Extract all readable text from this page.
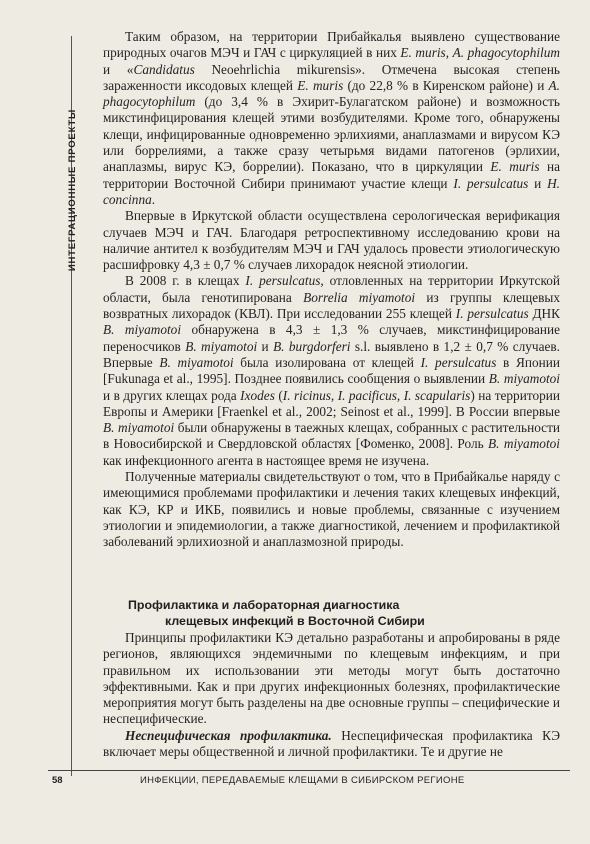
ИНТЕГРАЦИОННЫЕ ПРОЕКТЫ

Таким образом, на территории Прибайкалья выявлено существование природных очагов МЭЧ и ГАЧ с циркуляцией в них E. muris, A. phagocytophilum и «Candidatus Neoehrlichia mikurensis». Отмечена высокая степень зараженности иксодовых клещей E. muris (до 22,8 % в Киренском районе) и A. phagocytophilum (до 3,4 % в Эхирит-Булагатском районе) и возможность микстинфицирования клещей этими возбудителями. Кроме того, обнаружены клещи, инфицированные одновременно эрлихиями, анаплазмами и вирусом КЭ или боррелиями, а также сразу четырьмя видами патогенов (эрлихии, анаплазмы, вирус КЭ, боррелии). Показано, что в циркуляции E. muris на территории Восточной Сибири принимают участие клещи I. persulcatus и H. concinna.

Впервые в Иркутской области осуществлена серологическая верификация случаев МЭЧ и ГАЧ. Благодаря ретроспективному исследованию крови на наличие антител к возбудителям МЭЧ и ГАЧ удалось провести этиологическую расшифровку 4,3 ± 0,7 % случаев лихорадок неясной этиологии.

В 2008 г. в клещах I. persulcatus, отловленных на территории Иркутской области, была генотипирована Borrelia miyamotoi из группы клещевых возвратных лихорадок (КВЛ). При исследовании 255 клещей I. persulcatus ДНК B. miyamotoi обнаружена в 4,3 ± 1,3 % случаев, микстинфицирование переносчиков B. miyamotoi и B. burgdorferi s.l. выявлено в 1,2 ± 0,7 % случаев. Впервые B. miyamotoi была изолирована от клещей I. persulcatus в Японии [Fukunaga et al., 1995]. Позднее появились сообщения о выявлении B. miyamotoi и в других клещах рода Ixodes (I. ricinus, I. pacificus, I. scapularis) на территории Европы и Америки [Fraenkel et al., 2002; Seinost et al., 1999]. В России впервые B. miyamotoi были обнаружены в таежных клещах, собранных с растительности в Новосибирской и Свердловской областях [Фоменко, 2008]. Роль B. miyamotoi как инфекционного агента в настоящее время не изучена.

Полученные материалы свидетельствуют о том, что в Прибайкалье наряду с имеющимися проблемами профилактики и лечения таких клещевых инфекций, как КЭ, КР и ИКБ, появились и новые проблемы, связанные с изучением этиологии и эпидемиологии, а также диагностикой, лечением и профилактикой заболеваний эрлихиозной и анаплазмозной природы.

Профилактика и лабораторная диагностика
клещевых инфекций в Восточной Сибири

Принципы профилактики КЭ детально разработаны и апробированы в ряде регионов, являющихся эндемичными по клещевым инфекциям, и при правильном их использовании эти методы могут быть достаточно эффективными. Как и при других инфекционных болезнях, профилактические мероприятия могут быть разделены на две основные группы – специфические и неспецифические.

Неспецифическая профилактика. Неспецифическая профилактика КЭ включает меры общественной и личной профилактики. Те и другие не

58	ИНФЕКЦИИ, ПЕРЕДАВАЕМЫЕ КЛЕЩАМИ В СИБИРСКОМ РЕГИОНЕ
